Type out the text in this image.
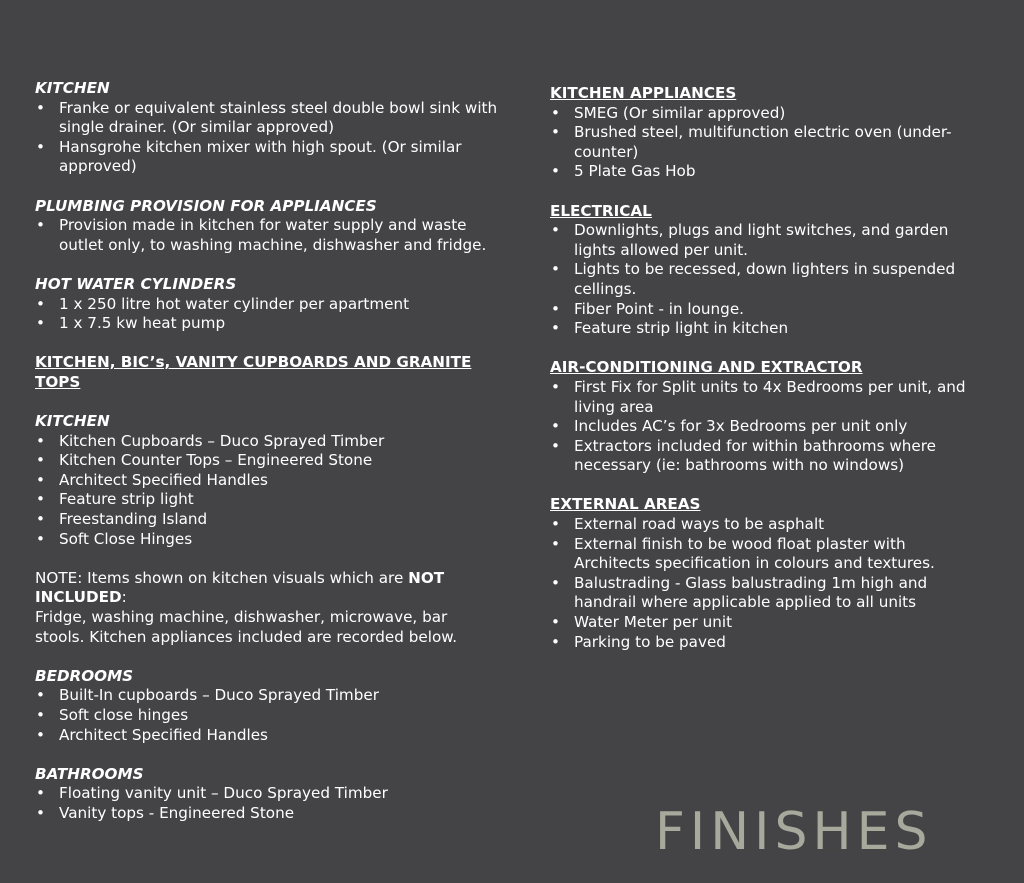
KITCHEN

• Franke or equivalent stainless steel double bowl sink with single drainer. (Or similar approved)
• Hansgrohe kitchen mixer with high spout. (Or similar approved)

PLUMBING PROVISION FOR APPLIANCES

• Provision made in kitchen for water supply and waste outlet only, to washing machine, dishwasher and fridge.

HOT WATER CYLINDERS

• 1 x 250 litre hot water cylinder per apartment
• 1 x 7.5 kw heat pump

KITCHEN, BIC’s, VANITY CUPBOARDS AND GRANITE TOPS

KITCHEN

• Kitchen Cupboards – Duco Sprayed Timber
• Kitchen Counter Tops – Engineered Stone
• Architect Specified Handles
• Feature strip light
• Freestanding Island
• Soft Close Hinges

NOTE: Items shown on kitchen visuals which are NOT INCLUDED:

Fridge, washing machine, dishwasher, microwave, bar stools. Kitchen appliances included are recorded below.

BEDROOMS

• Built-In cupboards – Duco Sprayed Timber
• Soft close hinges
• Architect Specified Handles

BATHROOMS

• Floating vanity unit – Duco Sprayed Timber
• Vanity tops - Engineered Stone

KITCHEN APPLIANCES

• SMEG (Or similar approved)
• Brushed steel, multifunction electric oven (under-counter)
• 5 Plate Gas Hob

ELECTRICAL

• Downlights, plugs and light switches, and garden lights allowed per unit.
• Lights to be recessed, down lighters in suspended cellings.
• Fiber Point - in lounge.
• Feature strip light in kitchen

AIR-CONDITIONING AND EXTRACTOR

• First Fix for Split units to 4x Bedrooms per unit, and living area
• Includes AC’s for 3x Bedrooms per unit only
• Extractors included for within bathrooms where necessary (ie: bathrooms with no windows)

EXTERNAL AREAS

• External road ways to be asphalt
• External finish to be wood float plaster with Architects specification in colours and textures.
• Balustrading - Glass balustrading 1m high and handrail where applicable applied to all units
• Water Meter per unit
• Parking to be paved
FINISHES
